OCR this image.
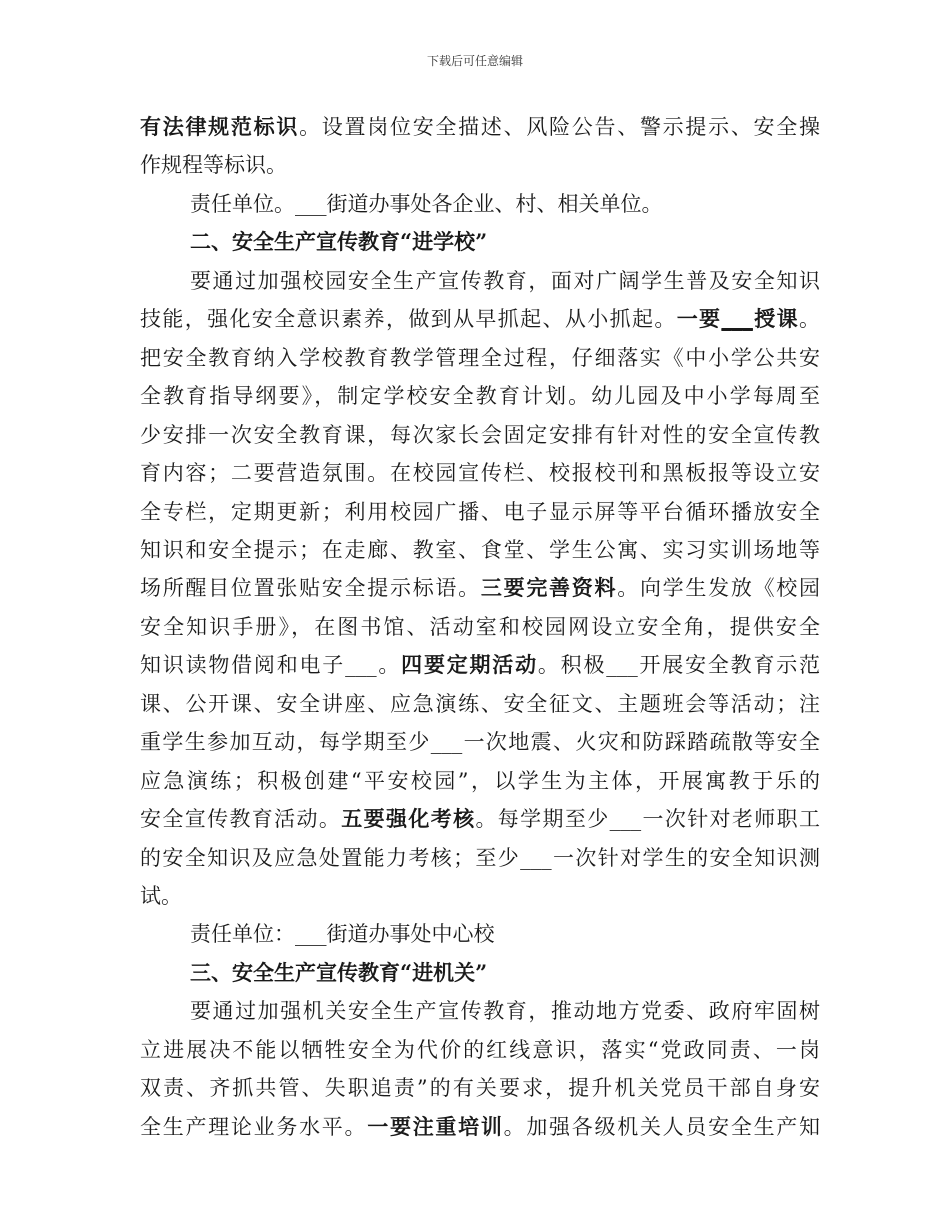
下载后可任意编辑
有法律规范标识。设置岗位安全描述、风险公告、警示提示、安全操
作规程等标识。
责任单位。___街道办事处各企业、村、相关单位。
二、安全生产宣传教育“进学校”
要通过加强校园安全生产宣传教育，面对广阔学生普及安全知识
技能，强化安全意识素养，做到从早抓起、从小抓起。一要___授课。
把安全教育纳入学校教育教学管理全过程，仔细落实《中小学公共安
全教育指导纲要》，制定学校安全教育计划。幼儿园及中小学每周至
少安排一次安全教育课，每次家长会固定安排有针对性的安全宣传教
育内容；二要营造氛围。在校园宣传栏、校报校刊和黑板报等设立安
全专栏，定期更新；利用校园广播、电子显示屏等平台循环播放安全
知识和安全提示；在走廊、教室、食堂、学生公寓、实习实训场地等
场所醒目位置张贴安全提示标语。三要完善资料。向学生发放《校园
安全知识手册》，在图书馆、活动室和校园网设立安全角，提供安全
知识读物借阅和电子___。四要定期活动。积极___开展安全教育示范
课、公开课、安全讲座、应急演练、安全征文、主题班会等活动；注
重学生参加互动，每学期至少___一次地震、火灾和防踩踏疏散等安全
应急演练；积极创建“平安校园”，以学生为主体，开展寓教于乐的
安全宣传教育活动。五要强化考核。每学期至少___一次针对老师职工
的安全知识及应急处置能力考核；至少___一次针对学生的安全知识测
试。
责任单位：___街道办事处中心校
三、安全生产宣传教育“进机关”
要通过加强机关安全生产宣传教育，推动地方党委、政府牢固树
立进展决不能以牺牲安全为代价的红线意识，落实“党政同责、一岗
双责、齐抓共管、失职追责”的有关要求，提升机关党员干部自身安
全生产理论业务水平。一要注重培训。加强各级机关人员安全生产知
